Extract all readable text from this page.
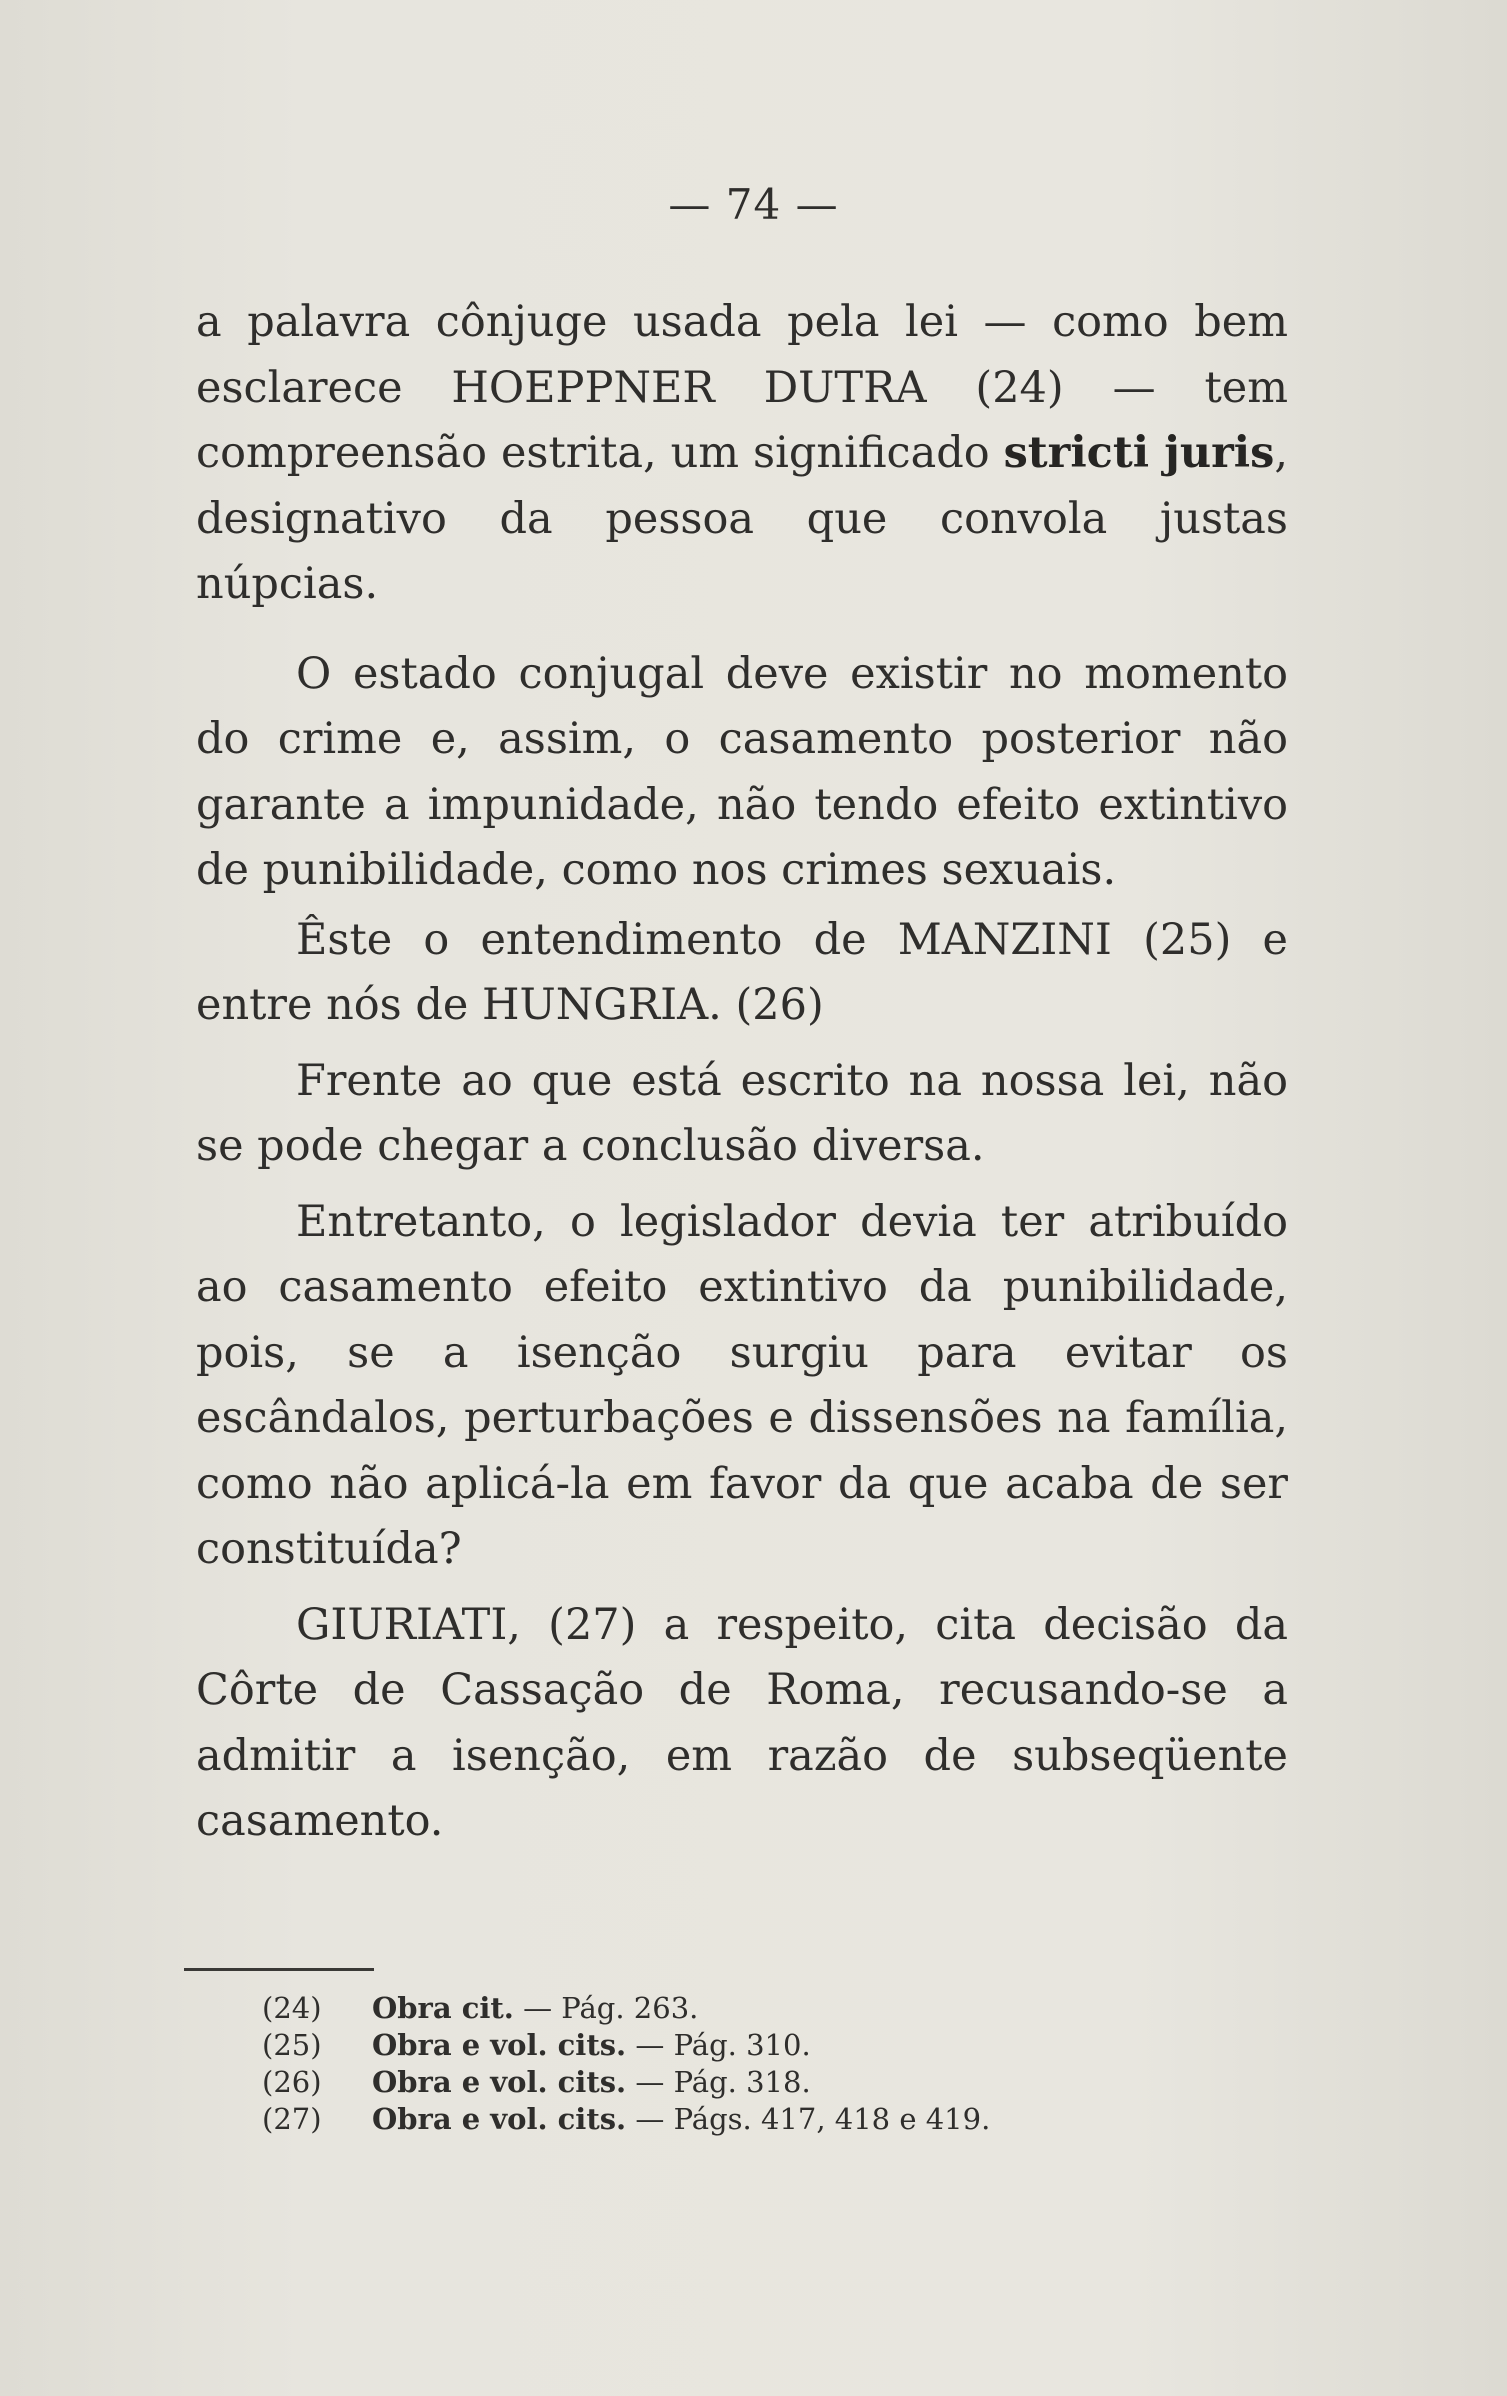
— 74 —

a palavra cônjuge usada pela lei — como bem esclarece HOEPPNER DUTRA (24) — tem compreensão estrita, um significado stricti juris, designativo da pessoa que convola justas núpcias.

O estado conjugal deve existir no momento do crime e, assim, o casamento posterior não garante a impunidade, não tendo efeito extintivo de punibilidade, como nos crimes sexuais.

Êste o entendimento de MANZINI (25) e entre nós de HUNGRIA. (26)

Frente ao que está escrito na nossa lei, não se pode chegar a conclusão diversa.

Entretanto, o legislador devia ter atribuído ao casamento efeito extintivo da punibilidade, pois, se a isenção surgiu para evitar os escândalos, perturbações e dissensões na família, como não aplicá-la em favor da que acaba de ser constituída?

GIURIATI, (27) a respeito, cita decisão da Côrte de Cassação de Roma, recusando-se a admitir a isenção, em razão de subseqüente casamento.

(24)	Obra cit. — Pág. 263.
(25)	Obra e vol. cits. — Pág. 310.
(26)	Obra e vol. cits. — Pág. 318.
(27)	Obra e vol. cits. — Págs. 417, 418 e 419.
